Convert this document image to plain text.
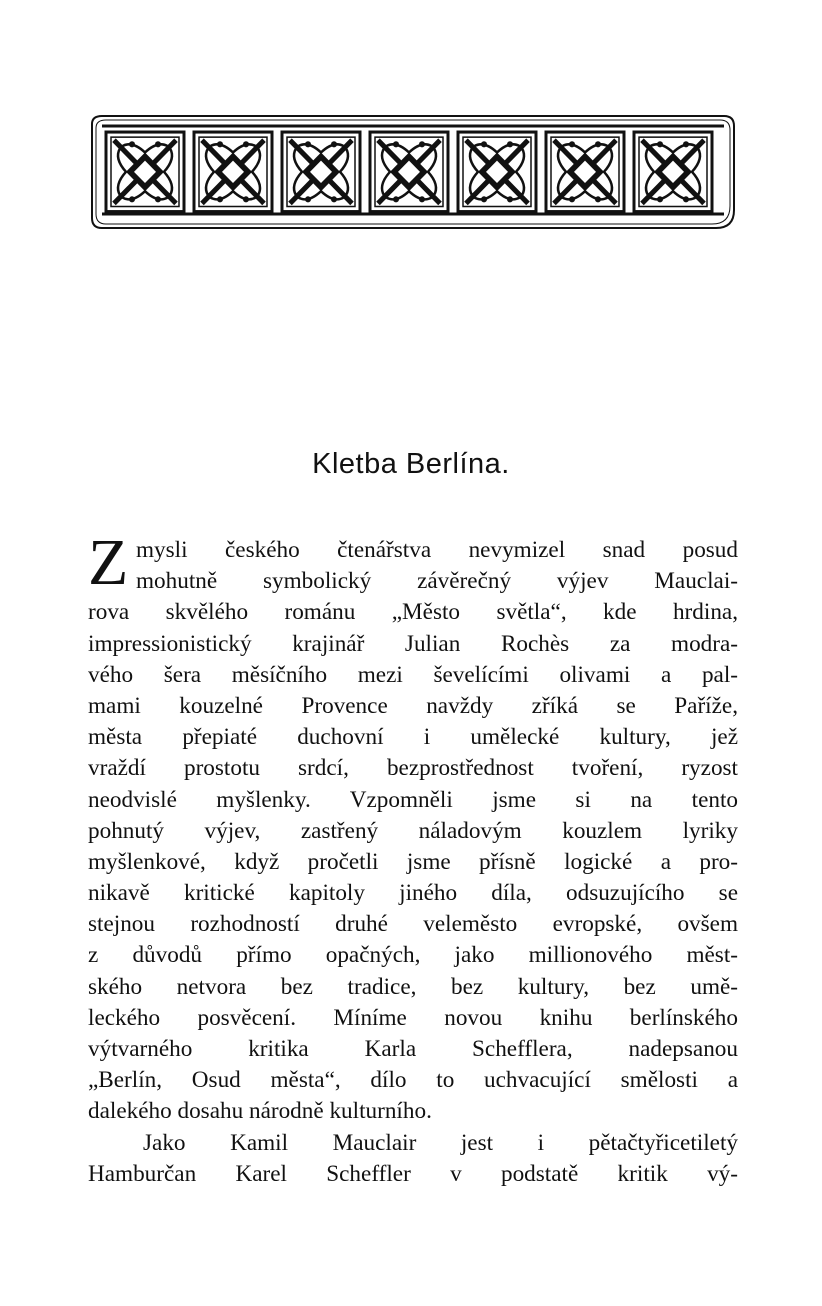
Kletba Berlína.
Z mysli českého čtenářstva nevymizel snad posud
mohutně symbolický závěrečný výjev Mauclai-
rova skvělého románu „Město světla“, kde hrdina,
impressionistický krajinář Julian Rochès za modra-
vého šera měsíčního mezi ševelícími olivami a pal-
mami kouzelné Provence navždy zříká se Paříže,
města přepiaté duchovní i umělecké kultury, jež
vraždí prostotu srdcí, bezprostřednost tvoření, ryzost
neodvislé myšlenky. Vzpomněli jsme si na tento
pohnutý výjev, zastřený náladovým kouzlem lyriky
myšlenkové, když pročetli jsme přísně logické a pro-
nikavě kritické kapitoly jiného díla, odsuzujícího se
stejnou rozhodností druhé veleměsto evropské, ovšem
z důvodů přímo opačných, jako millionového měst-
ského netvora bez tradice, bez kultury, bez umě-
leckého posvěcení. Míníme novou knihu berlínského
výtvarného kritika Karla Schefflera, nadepsanou
„Berlín, Osud města“, dílo to uchvacující smělosti a
dalekého dosahu národně kulturního.
Jako Kamil Mauclair jest i pětačtyřicetiletý
Hamburčan Karel Scheffler v podstatě kritik vý-
